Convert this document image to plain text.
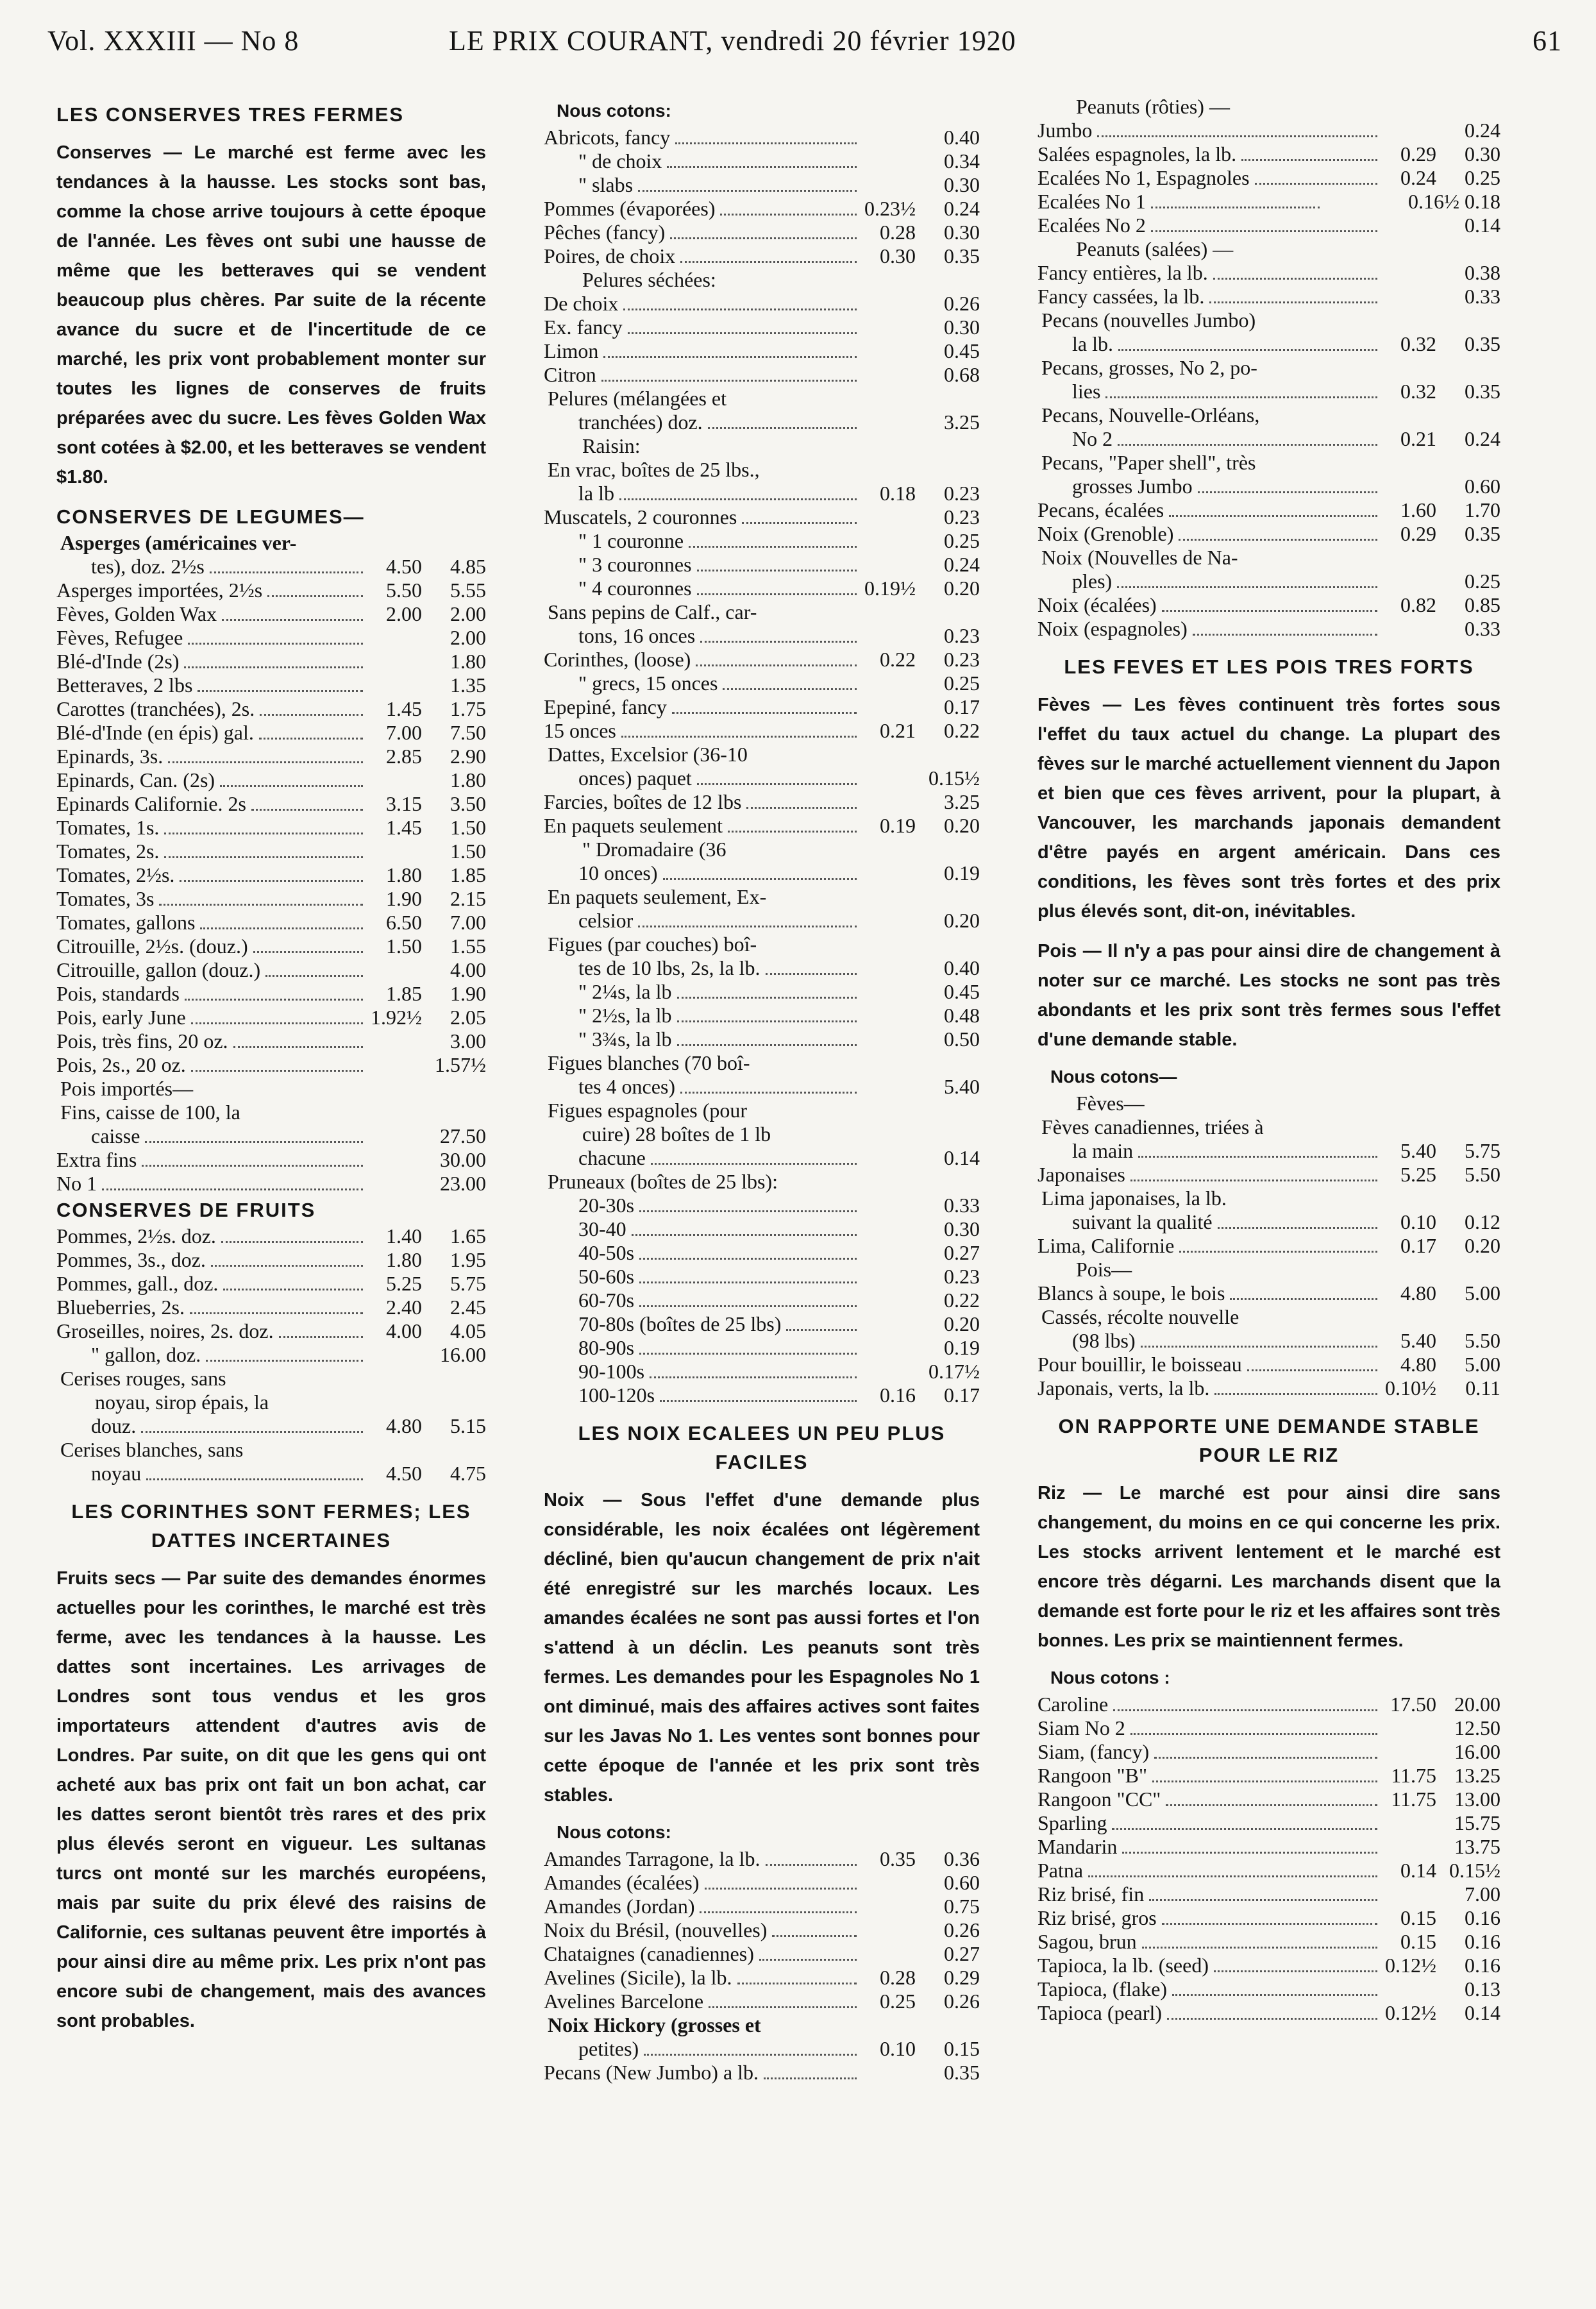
Vol. XXXIII — No 8	LE PRIX COURANT, vendredi 20 février 1920	61
LES CONSERVES TRES FERMES

Conserves — Le marché est ferme avec les tendances à la hausse. Les stocks sont bas, comme la chose arrive toujours à cette époque de l'année. Les fèves ont subi une hausse de même que les betteraves qui se vendent beaucoup plus chères. Par suite de la récente avance du sucre et de l'incertitude de ce marché, les prix vont probablement monter sur toutes les lignes de conserves de fruits préparées avec du sucre. Les fèves Golden Wax sont cotées à $2.00, et les betteraves se vendent $1.80.

CONSERVES DE LEGUMES—

Asperges (américaines ver-

tes), doz. 2½s	4.50	4.85
Asperges importées, 2½s	5.50	5.55
Fèves, Golden Wax	2.00	2.00
Fèves, Refugee	2.00
Blé-d'Inde (2s)	1.80
Betteraves, 2 lbs	1.35
Carottes (tranchées), 2s.	1.45	1.75
Blé-d'Inde (en épis) gal.	7.00	7.50
Epinards, 3s.	2.85	2.90
Epinards, Can. (2s)	1.80
Epinards Californie. 2s	3.15	3.50
Tomates, 1s.	1.45	1.50
Tomates, 2s.	1.50
Tomates, 2½s.	1.80	1.85
Tomates, 3s	1.90	2.15
Tomates, gallons	6.50	7.00
Citrouille, 2½s. (douz.)	1.50	1.55
Citrouille, gallon (douz.)	4.00
Pois, standards	1.85	1.90
Pois, early June	1.92½	2.05
Pois, très fins, 20 oz.	3.00
Pois, 2s., 20 oz.	1.57½

Pois importés—

Fins, caisse de 100, la

caisse	27.50
Extra fins	30.00
No 1	23.00
CONSERVES DE FRUITS
Pommes, 2½s. doz.	1.40	1.65
Pommes, 3s., doz.	1.80	1.95
Pommes, gall., doz.	5.25	5.75
Blueberries, 2s.	2.40	2.45
Groseilles, noires, 2s. doz.	4.00	4.05
" gallon, doz.	16.00

Cerises rouges, sans

noyau, sirop épais, la

douz.	4.80	5.15

Cerises blanches, sans

noyau	4.50	4.75
LES CORINTHES SONT FERMES; LES DATTES INCERTAINES

Fruits secs — Par suite des demandes énormes actuelles pour les corinthes, le marché est très ferme, avec les tendances à la hausse. Les dattes sont incertaines. Les arrivages de Londres sont tous vendus et les gros importateurs attendent d'autres avis de Londres. Par suite, on dit que les gens qui ont acheté aux bas prix ont fait un bon achat, car les dattes seront bientôt très rares et des prix plus élevés seront en vigueur. Les sultanas turcs ont monté sur les marchés européens, mais par suite du prix élevé des raisins de Californie, ces sultanas peuvent être importés à pour ainsi dire au même prix. Les prix n'ont pas encore subi de changement, mais des avances sont probables.

Nous cotons:

Abricots, fancy	0.40
" de choix	0.34
" slabs	0.30
Pommes (évaporées)	0.23½	0.24
Pêches (fancy)	0.28	0.30
Poires, de choix	0.30	0.35

Pelures séchées:

De choix	0.26
Ex. fancy	0.30
Limon	0.45
Citron	0.68

Pelures (mélangées et

tranchées) doz.	3.25

Raisin:

En vrac, boîtes de 25 lbs.,

la lb	0.18	0.23
Muscatels, 2 couronnes	0.23
" 1 couronne	0.25
" 3 couronnes	0.24
" 4 couronnes	0.19½	0.20

Sans pepins de Calf., car-

tons, 16 onces	0.23
Corinthes, (loose)	0.22	0.23
" grecs, 15 onces	0.25
Epepiné, fancy	0.17
15 onces	0.21	0.22

Dattes, Excelsior (36-10

onces) paquet	0.15½
Farcies, boîtes de 12 lbs	3.25
En paquets seulement	0.19	0.20

" Dromadaire (36

10 onces)	0.19

En paquets seulement, Ex-

celsior	0.20

Figues (par couches) boî-

tes de 10 lbs, 2s, la lb.	0.40
" 2¼s, la lb	0.45
" 2½s, la lb	0.48
" 3¾s, la lb	0.50

Figues blanches (70 boî-

tes 4 onces)	5.40

Figues espagnoles (pour

cuire) 28 boîtes de 1 lb

chacune	0.14

Pruneaux (boîtes de 25 lbs):

20-30s	0.33
30-40	0.30
40-50s	0.27
50-60s	0.23
60-70s	0.22
70-80s (boîtes de 25 lbs)	0.20
80-90s	0.19
90-100s	0.17½
100-120s	0.16	0.17
LES NOIX ECALEES UN PEU PLUS FACILES

Noix — Sous l'effet d'une demande plus considérable, les noix écalées ont légèrement décliné, bien qu'aucun changement de prix n'ait été enregistré sur les marchés locaux. Les amandes écalées ne sont pas aussi fortes et l'on s'attend à un déclin. Les peanuts sont très fermes. Les demandes pour les Espagnoles No 1 ont diminué, mais des affaires actives sont faites sur les Javas No 1. Les ventes sont bonnes pour cette époque de l'année et les prix sont très stables.

Nous cotons:

Amandes Tarragone, la lb.	0.35	0.36
Amandes (écalées)	0.60
Amandes (Jordan)	0.75
Noix du Brésil, (nouvelles)	0.26
Chataignes (canadiennes)	0.27
Avelines (Sicile), la lb.	0.28	0.29
Avelines Barcelone	0.25	0.26

Noix Hickory (grosses et

petites)	0.10	0.15
Pecans (New Jumbo) a lb.	0.35

Peanuts (rôties) —

Jumbo	0.24
Salées espagnoles, la lb.	0.29	0.30
Ecalées No 1, Espagnoles	0.24	0.25
Ecalées No 1	0.16½ 0.18
Ecalées No 2	0.14

Peanuts (salées) —

Fancy entières, la lb.	0.38
Fancy cassées, la lb.	0.33

Pecans (nouvelles Jumbo)

la lb.	0.32	0.35

Pecans, grosses, No 2, po-

lies	0.32	0.35

Pecans, Nouvelle-Orléans,

No 2	0.21	0.24

Pecans, "Paper shell", très

grosses Jumbo	0.60
Pecans, écalées	1.60	1.70
Noix (Grenoble)	0.29	0.35

Noix (Nouvelles de Na-

ples)	0.25
Noix (écalées)	0.82	0.85
Noix (espagnoles)	0.33
LES FEVES ET LES POIS TRES FORTS

Fèves — Les fèves continuent très fortes sous l'effet du taux actuel du change. La plupart des fèves sur le marché actuellement viennent du Japon et bien que ces fèves arrivent, pour la plupart, à Vancouver, les marchands japonais demandent d'être payés en argent américain. Dans ces conditions, les fèves sont très fortes et des prix plus élevés sont, dit-on, inévitables.

Pois — Il n'y a pas pour ainsi dire de changement à noter sur ce marché. Les stocks ne sont pas très abondants et les prix sont très fermes sous l'effet d'une demande stable.

Nous cotons—

Fèves—

Fèves canadiennes, triées à

la main	5.40	5.75
Japonaises	5.25	5.50

Lima japonaises, la lb.

suivant la qualité	0.10	0.12
Lima, Californie	0.17	0.20

Pois—

Blancs à soupe, le bois	4.80	5.00

Cassés, récolte nouvelle

(98 lbs)	5.40	5.50
Pour bouillir, le boisseau	4.80	5.00
Japonais, verts, la lb.	0.10½	0.11
ON RAPPORTE UNE DEMANDE STABLE POUR LE RIZ

Riz — Le marché est pour ainsi dire sans changement, du moins en ce qui concerne les prix. Les stocks arrivent lentement et le marché est encore très dégarni. Les marchands disent que la demande est forte pour le riz et les affaires sont très bonnes. Les prix se maintiennent fermes.

Nous cotons :

Caroline	17.50 20.00
Siam No 2	12.50
Siam, (fancy)	16.00
Rangoon "B"	11.75 13.25
Rangoon "CC"	11.75 13.00
Sparling	15.75
Mandarin	13.75
Patna	0.14 0.15½
Riz brisé, fin	7.00
Riz brisé, gros	0.15	0.16
Sagou, brun	0.15	0.16
Tapioca, la lb. (seed)	0.12½	0.16
Tapioca, (flake)	0.13
Tapioca (pearl)	0.12½	0.14
